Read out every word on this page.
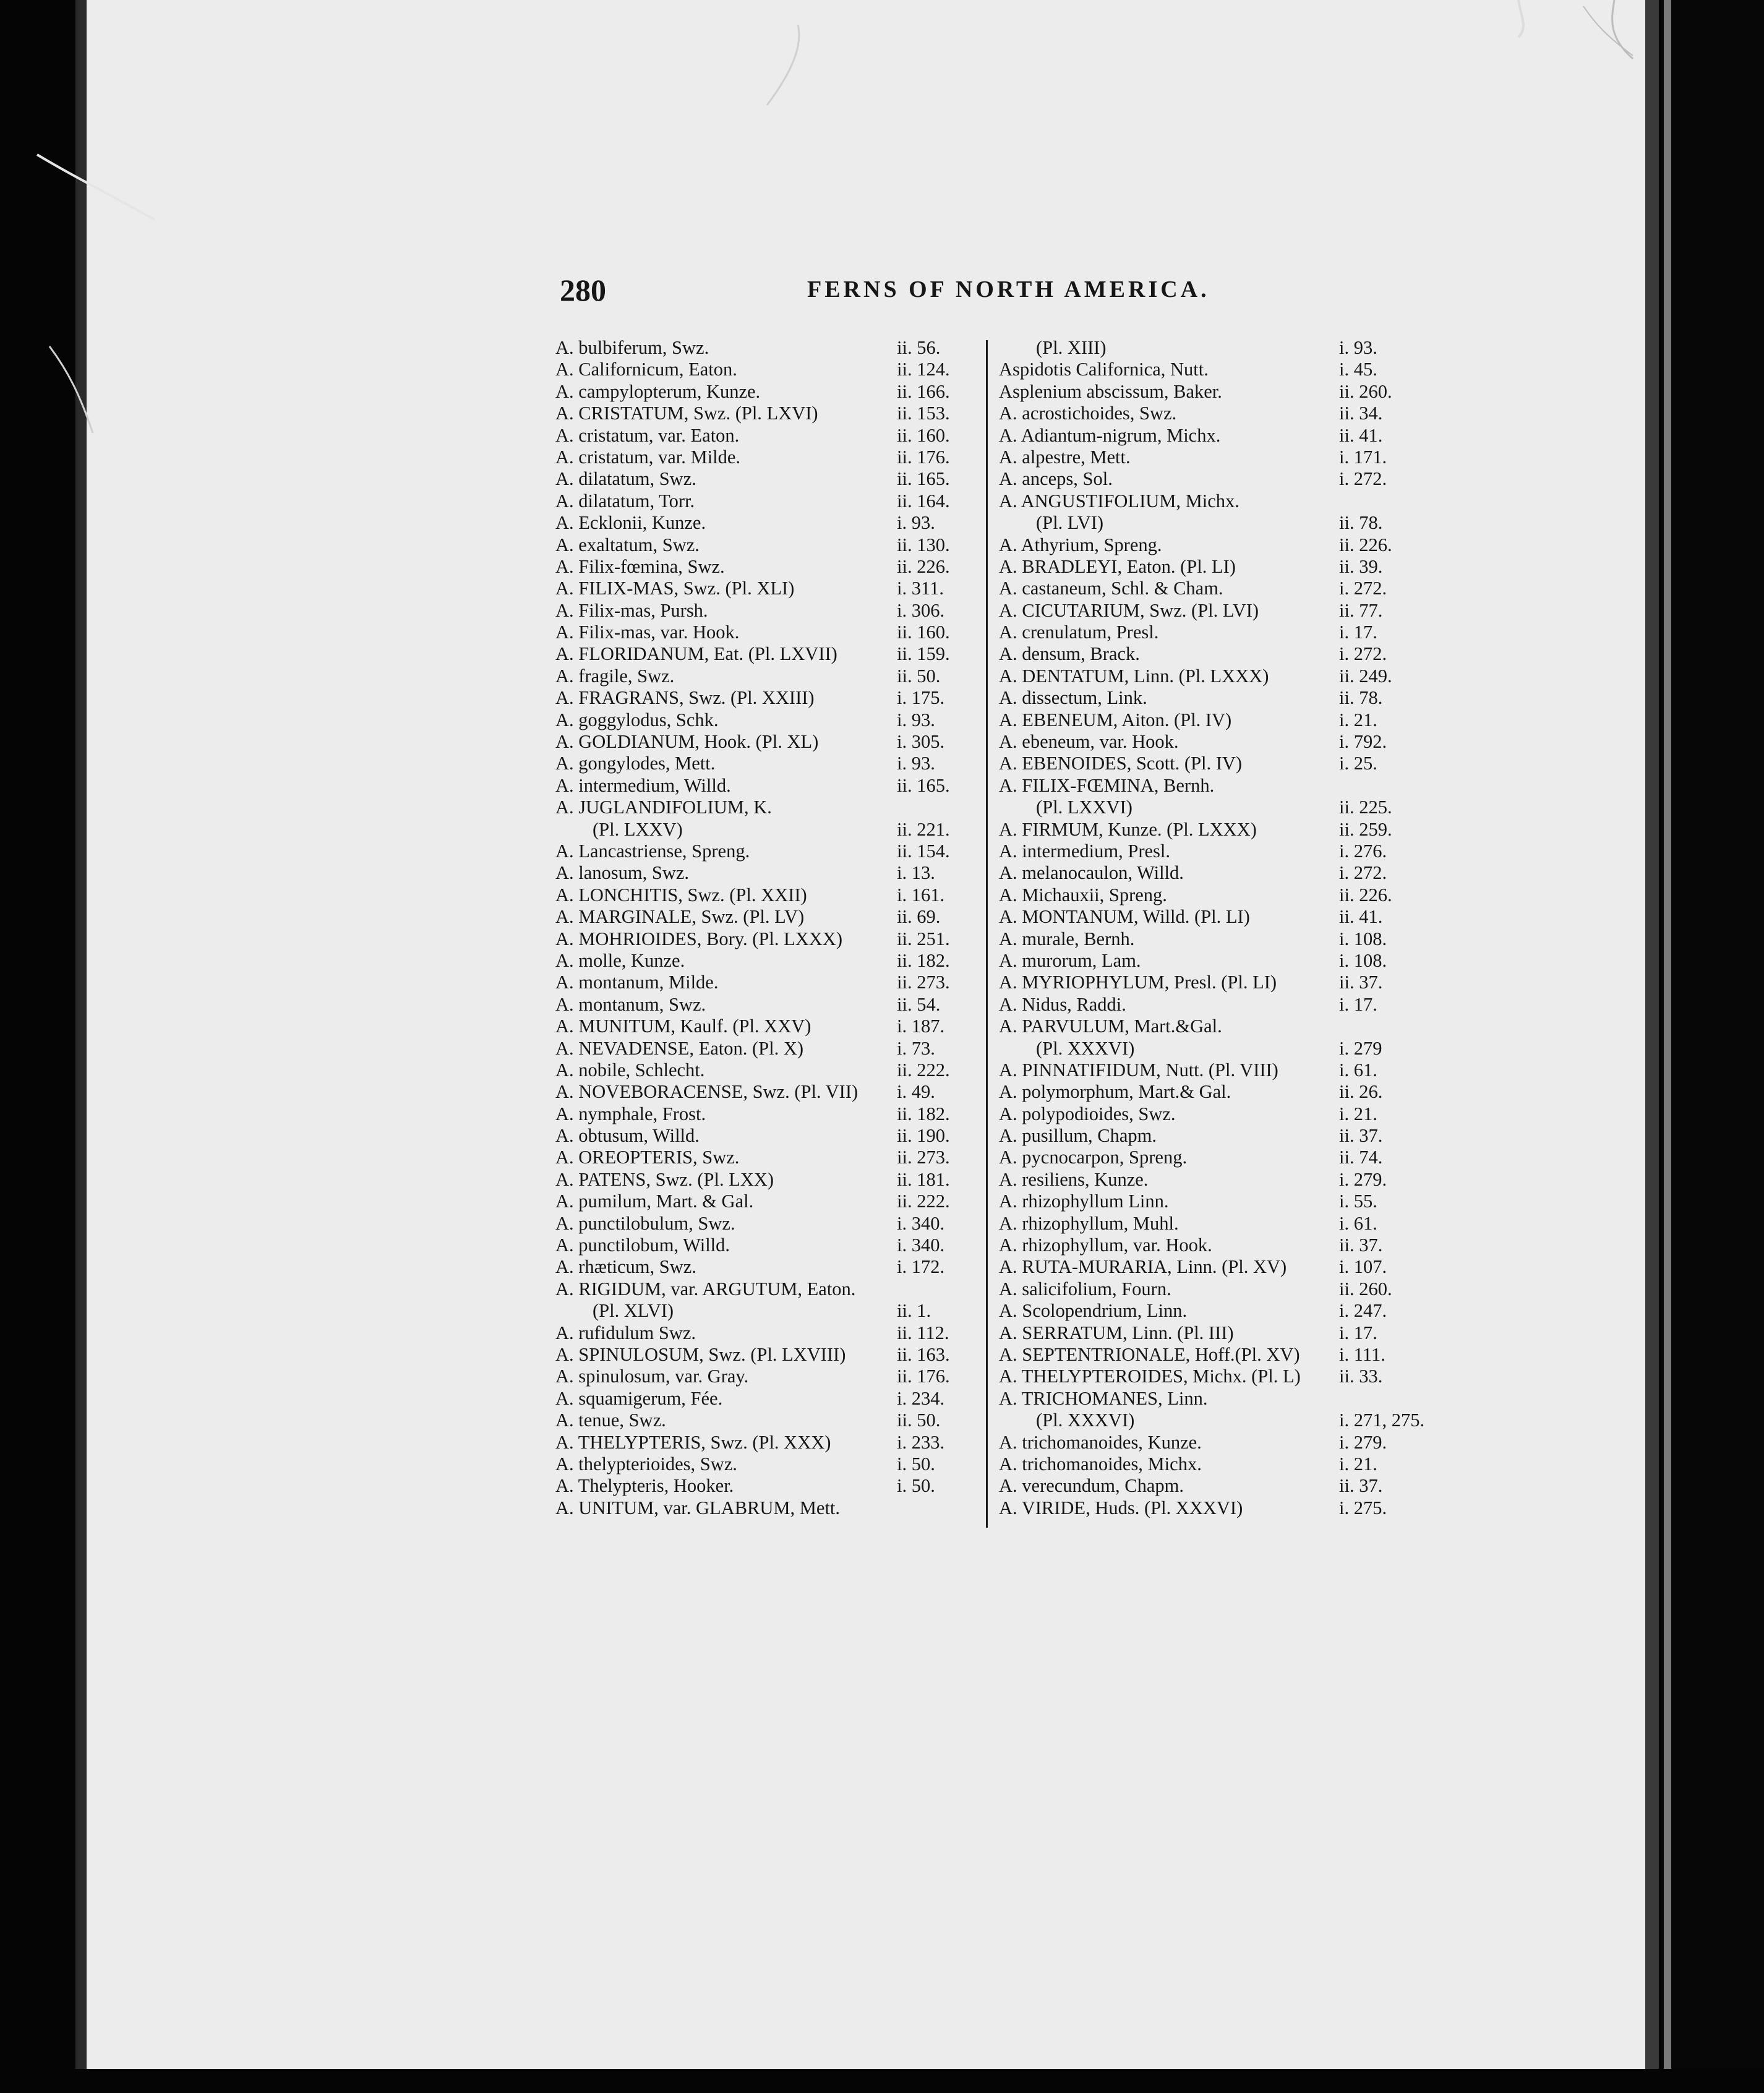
280	FERNS OF NORTH AMERICA.
A. bulbiferum, Swz.	ii. 56.
A. Californicum, Eaton.	ii. 124.
A. campylopterum, Kunze.	ii. 166.
A. CRISTATUM, Swz. (Pl. LXVI)	ii. 153.
A. cristatum, var. Eaton.	ii. 160.
A. cristatum, var. Milde.	ii. 176.
A. dilatatum, Swz.	ii. 165.
A. dilatatum, Torr.	ii. 164.
A. Ecklonii, Kunze.	i. 93.
A. exaltatum, Swz.	ii. 130.
A. Filix-fœmina, Swz.	ii. 226.
A. FILIX-MAS, Swz. (Pl. XLI)	i. 311.
A. Filix-mas, Pursh.	i. 306.
A. Filix-mas, var. Hook.	ii. 160.
A. FLORIDANUM, Eat. (Pl. LXVII)	ii. 159.
A. fragile, Swz.	ii. 50.
A. FRAGRANS, Swz. (Pl. XXIII)	i. 175.
A. goggylodus, Schk.	i. 93.
A. GOLDIANUM, Hook. (Pl. XL)	i. 305.
A. gongylodes, Mett.	i. 93.
A. intermedium, Willd.	ii. 165.
A. JUGLANDIFOLIUM, K.
(Pl. LXXV)	ii. 221.
A. Lancastriense, Spreng.	ii. 154.
A. lanosum, Swz.	i. 13.
A. LONCHITIS, Swz. (Pl. XXII)	i. 161.
A. MARGINALE, Swz. (Pl. LV)	ii. 69.
A. MOHRIOIDES, Bory. (Pl. LXXX)	ii. 251.
A. molle, Kunze.	ii. 182.
A. montanum, Milde.	ii. 273.
A. montanum, Swz.	ii. 54.
A. MUNITUM, Kaulf. (Pl. XXV)	i. 187.
A. NEVADENSE, Eaton. (Pl. X)	i. 73.
A. nobile, Schlecht.	ii. 222.
A. NOVEBORACENSE, Swz. (Pl. VII) i. 49.
A. nymphale, Frost.	ii. 182.
A. obtusum, Willd.	ii. 190.
A. OREOPTERIS, Swz.	ii. 273.
A. PATENS, Swz. (Pl. LXX)	ii. 181.
A. pumilum, Mart. & Gal.	ii. 222.
A. punctilobulum, Swz.	i. 340.
A. punctilobum, Willd.	i. 340.
A. rhæticum, Swz.	i. 172.
A. RIGIDUM, var. ARGUTUM, Eaton.
(Pl. XLVI)	ii. 1.
A. rufidulum Swz.	ii. 112.
A. SPINULOSUM, Swz. (Pl. LXVIII)	ii. 163.
A. spinulosum, var. Gray.	ii. 176.
A. squamigerum, Fée.	i. 234.
A. tenue, Swz.	ii. 50.
A. THELYPTERIS, Swz. (Pl. XXX)	i. 233.
A. thelypterioides, Swz.	i. 50.
A. Thelypteris, Hooker.	i. 50.
A. UNITUM, var. GLABRUM, Mett.
(Pl. XIII)	i. 93.
Aspidotis Californica, Nutt.	i. 45.
Asplenium abscissum, Baker.	ii. 260.
A. acrostichoides, Swz.	ii. 34.
A. Adiantum-nigrum, Michx.	ii. 41.
A. alpestre, Mett.	i. 171.
A. anceps, Sol.	i. 272.
A. ANGUSTIFOLIUM, Michx.
(Pl. LVI)	ii. 78.
A. Athyrium, Spreng.	ii. 226.
A. BRADLEYI, Eaton. (Pl. LI)	ii. 39.
A. castaneum, Schl. & Cham.	i. 272.
A. CICUTARIUM, Swz. (Pl. LVI)	ii. 77.
A. crenulatum, Presl.	i. 17.
A. densum, Brack.	i. 272.
A. DENTATUM, Linn. (Pl. LXXX)	ii. 249.
A. dissectum, Link.	ii. 78.
A. EBENEUM, Aiton. (Pl. IV)	i. 21.
A. ebeneum, var. Hook.	i. 792.
A. EBENOIDES, Scott. (Pl. IV)	i. 25.
A. FILIX-FŒMINA, Bernh.
(Pl. LXXVI)	ii. 225.
A. FIRMUM, Kunze. (Pl. LXXX)	ii. 259.
A. intermedium, Presl.	i. 276.
A. melanocaulon, Willd.	i. 272.
A. Michauxii, Spreng.	ii. 226.
A. MONTANUM, Willd. (Pl. LI)	ii. 41.
A. murale, Bernh.	i. 108.
A. murorum, Lam.	i. 108.
A. MYRIOPHYLUM, Presl. (Pl. LI)	ii. 37.
A. Nidus, Raddi.	i. 17.
A. PARVULUM, Mart.&Gal.
(Pl. XXXVI)	i. 279
A. PINNATIFIDUM, Nutt. (Pl. VIII)	i. 61.
A. polymorphum, Mart.& Gal.	ii. 26.
A. polypodioides, Swz.	i. 21.
A. pusillum, Chapm.	ii. 37.
A. pycnocarpon, Spreng.	ii. 74.
A. resiliens, Kunze.	i. 279.
A. rhizophyllum Linn.	i. 55.
A. rhizophyllum, Muhl.	i. 61.
A. rhizophyllum, var. Hook.	ii. 37.
A. RUTA-MURARIA, Linn. (Pl. XV)	i. 107.
A. salicifolium, Fourn.	ii. 260.
A. Scolopendrium, Linn.	i. 247.
A. SERRATUM, Linn. (Pl. III)	i. 17.
A. SEPTENTRIONALE, Hoff.(Pl. XV) i. 111.
A. THELYPTEROIDES, Michx. (Pl. L) ii. 33.
A. TRICHOMANES, Linn.
(Pl. XXXVI)	i. 271, 275.
A. trichomanoides, Kunze.	i. 279.
A. trichomanoides, Michx.	i. 21.
A. verecundum, Chapm.	ii. 37.
A. VIRIDE, Huds. (Pl. XXXVI)	i. 275.
